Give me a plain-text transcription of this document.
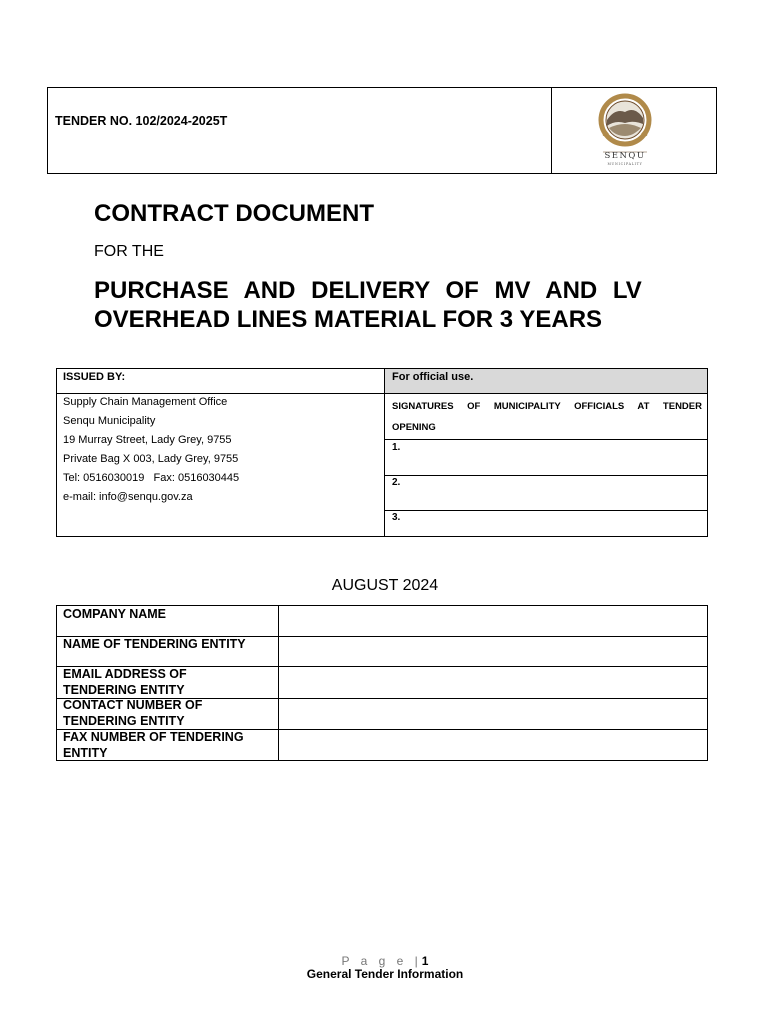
TENDER NO. 102/2024-2025T
SENQU
MUNICIPALITY
CONTRACT DOCUMENT
FOR THE
PURCHASE AND DELIVERY OF MV AND LV
OVERHEAD LINES MATERIAL FOR 3 YEARS
ISSUED BY:	For official use.
Supply Chain Management Office
Senqu Municipality
19 Murray Street, Lady Grey, 9755
Private Bag X 003, Lady Grey, 9755
Tel: 0516030019   Fax: 0516030445
e-mail: info@senqu.gov.za
SIGNATURES OF MUNICIPALITY OFFICIALS AT TENDER
OPENING
1.
2.
3.
AUGUST 2024
COMPANY NAME
NAME OF TENDERING ENTITY
EMAIL ADDRESS OF TENDERING ENTITY
CONTACT NUMBER OF TENDERING ENTITY
FAX NUMBER OF TENDERING ENTITY
P a g e |1
General Tender Information
